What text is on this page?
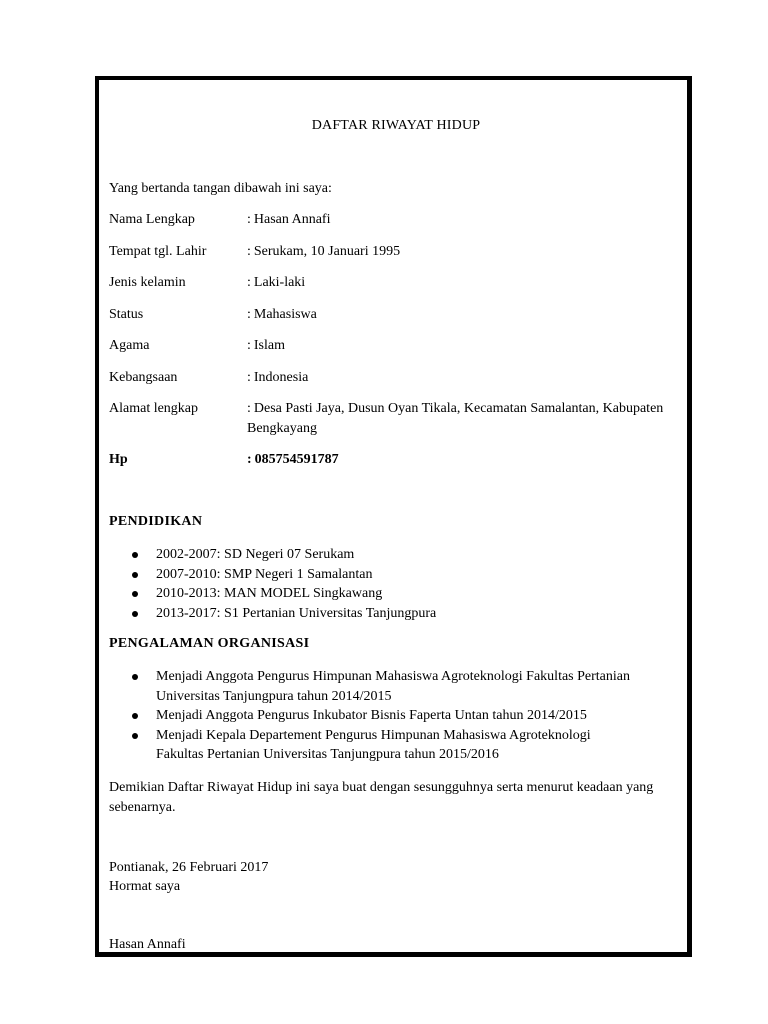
DAFTAR RIWAYAT HIDUP
Yang bertanda tangan dibawah ini saya:
Nama Lengkap	: Hasan Annafi
Tempat tgl. Lahir	: Serukam, 10 Januari 1995
Jenis kelamin	: Laki-laki
Status	: Mahasiswa
Agama	: Islam
Kebangsaan	: Indonesia
Alamat lengkap	: Desa Pasti Jaya, Dusun Oyan Tikala, Kecamatan Samalantan, Kabupaten Bengkayang
Hp	: 085754591787
PENDIDIKAN
2002-2007: SD Negeri 07 Serukam
2007-2010: SMP Negeri 1 Samalantan
2010-2013: MAN MODEL Singkawang
2013-2017: S1 Pertanian Universitas Tanjungpura
PENGALAMAN ORGANISASI
Menjadi Anggota Pengurus Himpunan Mahasiswa Agroteknologi Fakultas Pertanian Universitas Tanjungpura tahun 2014/2015
Menjadi Anggota Pengurus Inkubator Bisnis Faperta Untan tahun 2014/2015
Menjadi Kepala Departement Pengurus Himpunan Mahasiswa Agroteknologi Fakultas Pertanian Universitas Tanjungpura tahun 2015/2016
Demikian Daftar Riwayat Hidup ini saya buat dengan sesungguhnya serta menurut keadaan yang sebenarnya.
Pontianak, 26 Februari 2017
Hormat saya
Hasan Annafi
